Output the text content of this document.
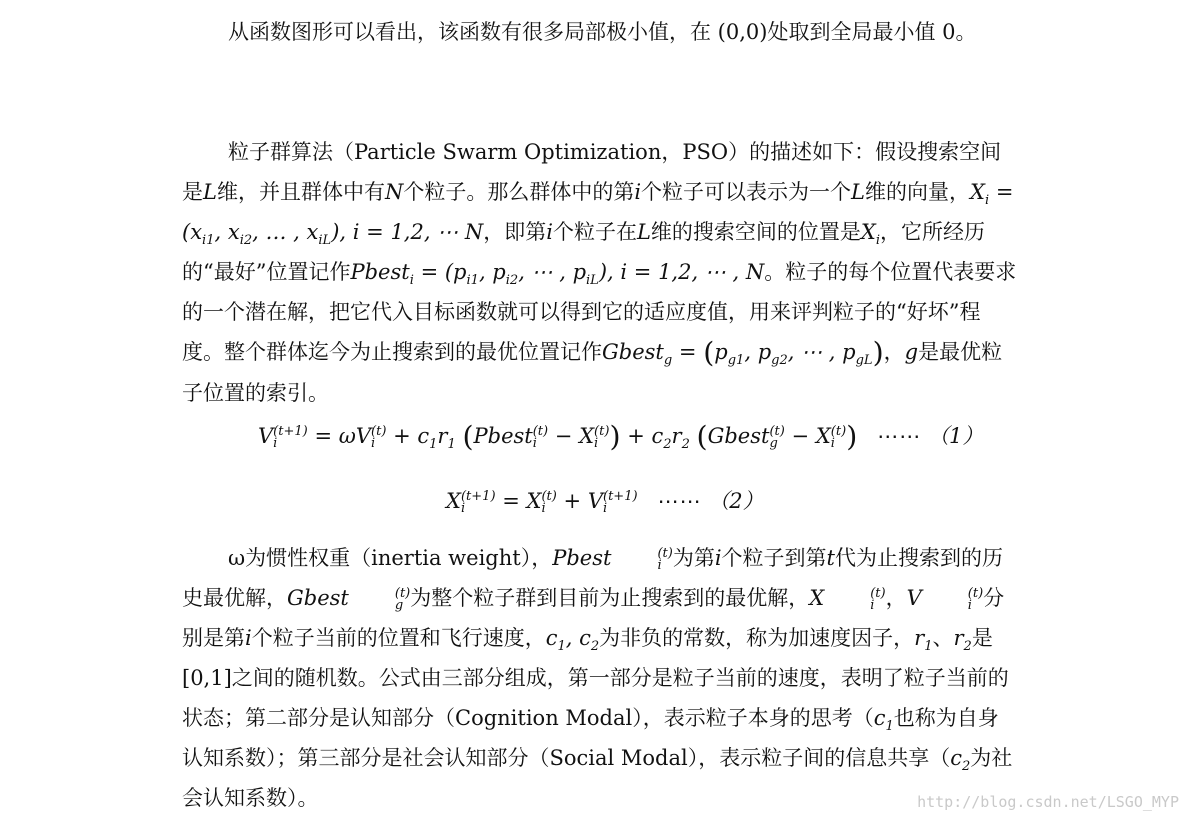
从函数图形可以看出，该函数有很多局部极小值，在 (0,0)处取到全局最小值 0。

粒子群算法（Particle Swarm Optimization，PSO）的描述如下：假设搜索空间是L维，并且群体中有N个粒子。那么群体中的第i个粒子可以表示为一个L维的向量，$X_i = (x_{i1}$, $x_{i2}$, … , $x_{iL}$), i = 1,2, ⋯ N，即第i个粒子在L维的搜索空间的位置是$X_i$，它所经历的“最好”位置记作Pbest$_i$ = ($p_{i1}$, $p_{i2}$, ⋯ , $p_{iL}$), i = 1,2, ⋯ , N。粒子的每个位置代表要求的一个潜在解，把它代入目标函数就可以得到它的适应度值，用来评判粒子的“好坏”程度。整个群体迄今为止搜索到的最优位置记作Gbest$_g$ = ($p_{g1}$, $p_{g2}$, ⋯ , $p_{gL}$)，g是最优粒子位置的索引。

V (t+1)
i	= ωV (t)
$i + c_1r_1$ (Pbest (t)
i − X (t)
i ) + $c_2r_2$ (Gbest (t)
g − X (t)
i ) ⋯⋯ （1）
X (t+1)
i	= X (t)
i + V (t+1)
i	⋯⋯ （2）

ω为惯性权重（inertia weight），Pbest	(t)
i 为第i个粒子到第t代为止搜索到的历史最优解，Gbest	(t)
g 为整个粒子群到目前为止搜索到的最优解，X	(t)
i ，V	(t)
i 分别是第i个粒子当前的位置和飞行速度，$c_1$, $c_2$为非负的常数，称为加速度因子，$r_1$、$r_2$是[0,1]之间的随机数。公式由三部分组成，第一部分是粒子当前的速度，表明了粒子当前的状态；第二部分是认知部分（Cognition Modal），表示粒子本身的思考（$c_1$也称为自身认知系数）；第三部分是社会认知部分（Social Modal），表示粒子间的信息共享（$c_2$为社会认知系数）。	http://blog.csdn.net/LSGO_MYP
